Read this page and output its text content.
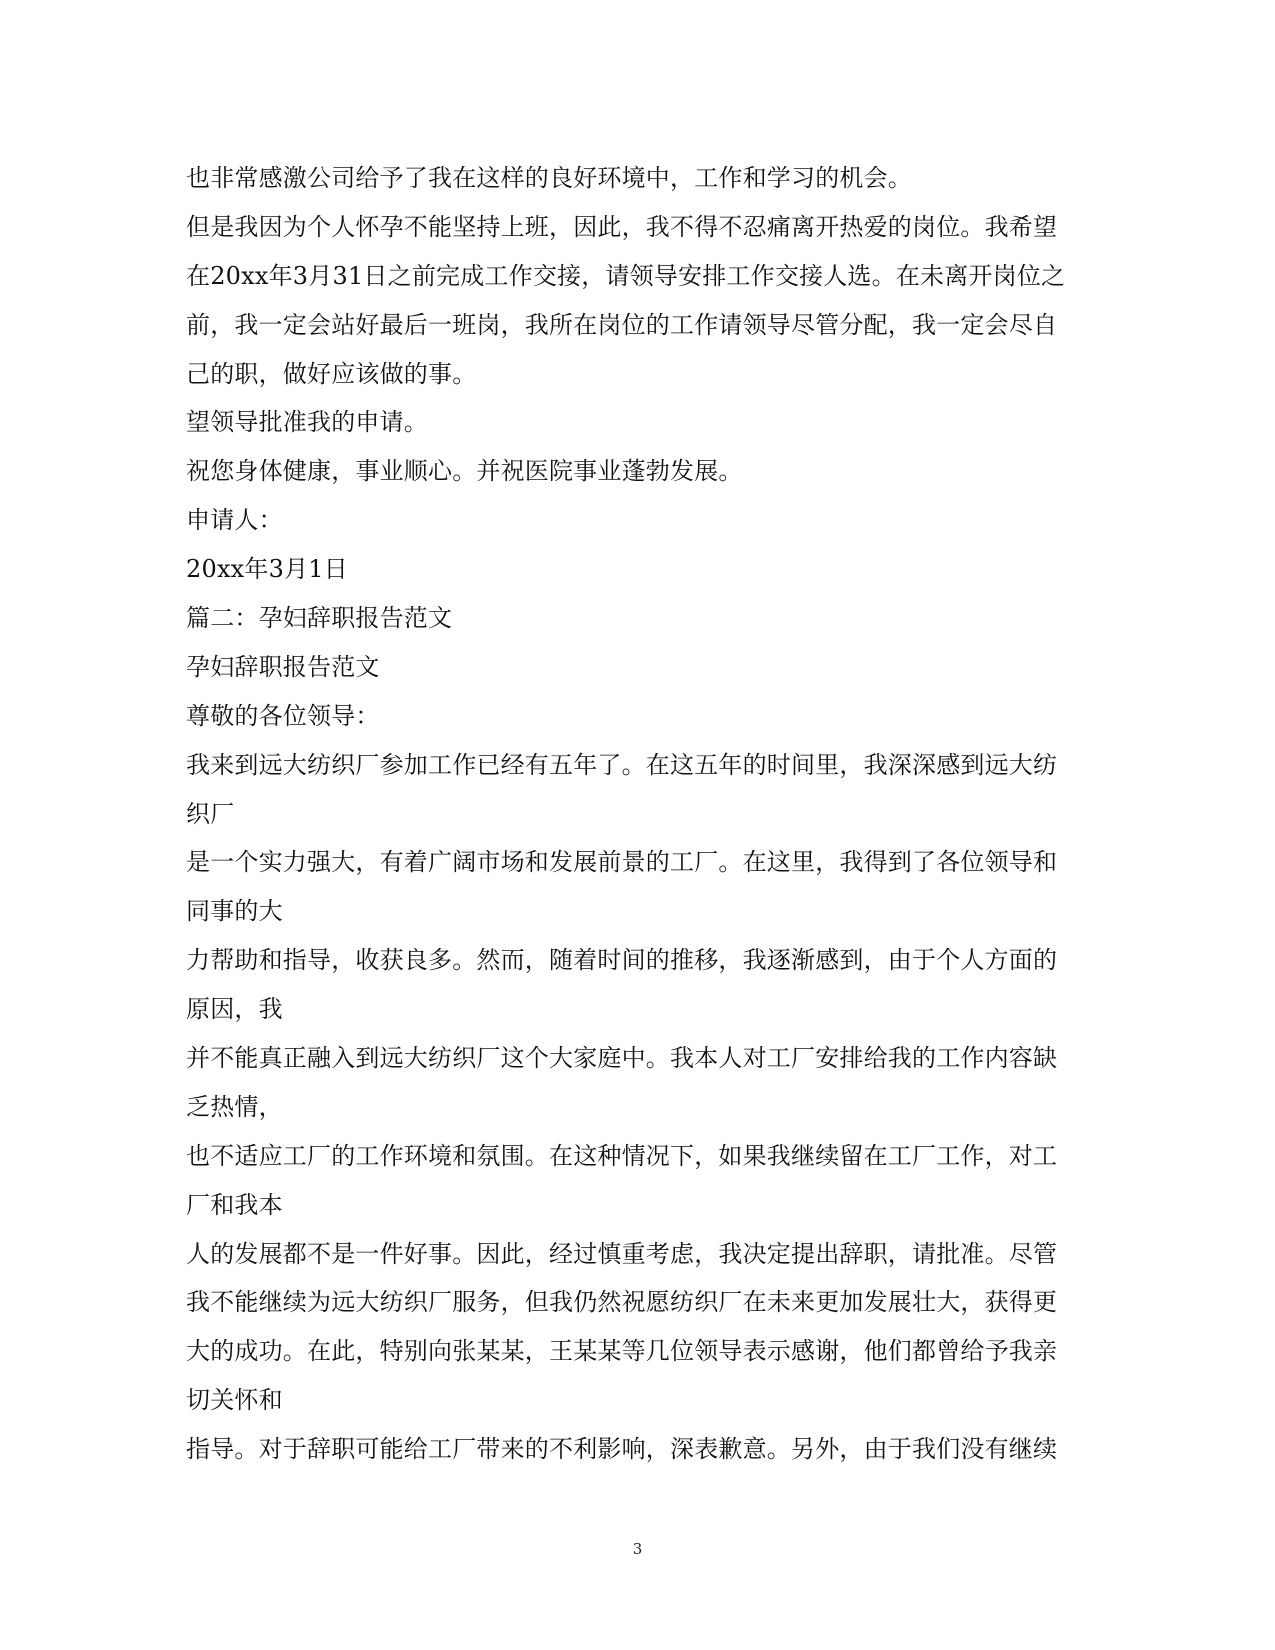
也非常感激公司给予了我在这样的良好环境中，工作和学习的机会。
但是我因为个人怀孕不能坚持上班，因此，我不得不忍痛离开热爱的岗位。我希望
在20xx年3月31日之前完成工作交接，请领导安排工作交接人选。在未离开岗位之
前，我一定会站好最后一班岗，我所在岗位的工作请领导尽管分配，我一定会尽自
己的职，做好应该做的事。
望领导批准我的申请。
祝您身体健康，事业顺心。并祝医院事业蓬勃发展。
申请人：
20xx年3月1日
篇二：孕妇辞职报告范文
孕妇辞职报告范文
尊敬的各位领导：
我来到远大纺织厂参加工作已经有五年了。在这五年的时间里，我深深感到远大纺
织厂
是一个实力强大，有着广阔市场和发展前景的工厂。在这里，我得到了各位领导和
同事的大
力帮助和指导，收获良多。然而，随着时间的推移，我逐渐感到，由于个人方面的
原因，我
并不能真正融入到远大纺织厂这个大家庭中。我本人对工厂安排给我的工作内容缺
乏热情，
也不适应工厂的工作环境和氛围。在这种情况下，如果我继续留在工厂工作，对工
厂和我本
人的发展都不是一件好事。因此，经过慎重考虑，我决定提出辞职，请批准。尽管
我不能继续为远大纺织厂服务，但我仍然祝愿纺织厂在未来更加发展壮大，获得更
大的成功。在此，特别向张某某，王某某等几位领导表示感谢，他们都曾给予我亲
切关怀和
指导。对于辞职可能给工厂带来的不利影响，深表歉意。另外，由于我们没有继续
3
